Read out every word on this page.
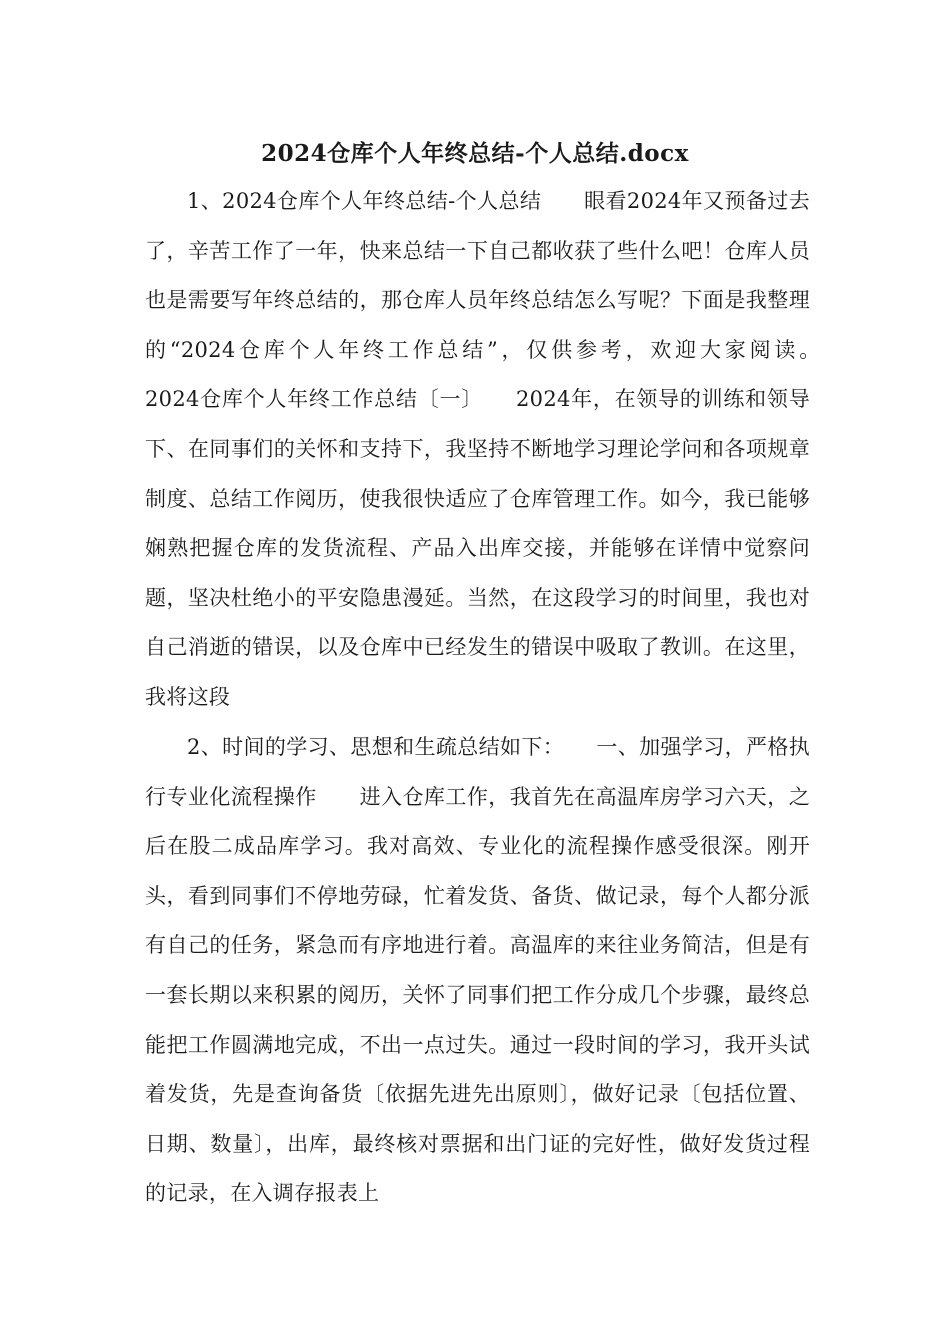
2024仓库个人年终总结-个人总结.docx

1、2024仓库个人年终总结-个人总结　　眼看2024年又预备过去了，辛苦工作了一年，快来总结一下自己都收获了些什么吧！仓库人员也是需要写年终总结的，那仓库人员年终总结怎么写呢？下面是我整理的“2024仓库个人年终工作总结”，仅供参考，欢迎大家阅读。　　2024仓库个人年终工作总结〔一〕　　2024年，在领导的训练和领导下、在同事们的关怀和支持下，我坚持不断地学习理论学问和各项规章制度、总结工作阅历，使我很快适应了仓库管理工作。如今，我已能够娴熟把握仓库的发货流程、产品入出库交接，并能够在详情中觉察问题，坚决杜绝小的平安隐患漫延。当然，在这段学习的时间里，我也对自己消逝的错误，以及仓库中已经发生的错误中吸取了教训。在这里，我将这段

2、时间的学习、思想和生疏总结如下：　　一、加强学习，严格执行专业化流程操作　　进入仓库工作，我首先在高温库房学习六天，之后在股二成品库学习。我对高效、专业化的流程操作感受很深。刚开头，看到同事们不停地劳碌，忙着发货、备货、做记录，每个人都分派有自己的任务，紧急而有序地进行着。高温库的来往业务简洁，但是有一套长期以来积累的阅历，关怀了同事们把工作分成几个步骤，最终总能把工作圆满地完成，不出一点过失。通过一段时间的学习，我开头试着发货，先是查询备货〔依据先进先出原则〕，做好记录〔包括位置、日期、数量〕，出库，最终核对票据和出门证的完好性，做好发货过程的记录，在入调存报表上
